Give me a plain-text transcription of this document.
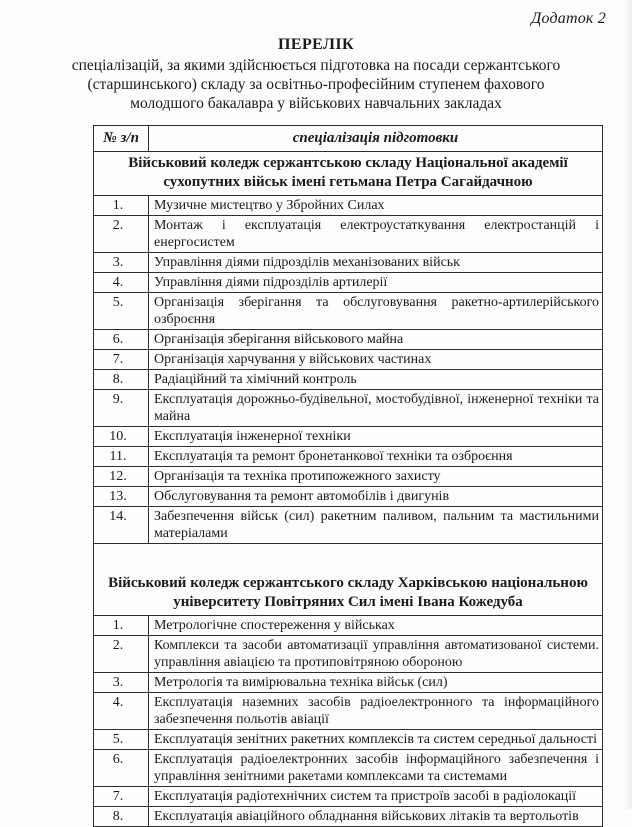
Додаток 2
ПЕРЕЛІК
спеціалізацій, за якими здійснюється підготовка на посади сержантського (старшинського) складу за освітньо-професійним ступенем фахового молодшого бакалавра у військових навчальних закладах
№ з/п	спеціалізація підготовки
Військовий коледж сержантською складу Національної академії сухопутних військ імені гетьмана Петра Сагайдачною	
1.	Музичне мистецтво у Збройних Силах
2.	Монтаж і експлуатація електроустаткування електростанцій і енергосистем
3.	Управління діями підрозділів механізованих військ
4.	Управління діями підрозділів артилерії
5.	Організація зберігання та обслуговування ракетно-артилерійського озброєння
6.	Організація зберігання військового майна
7.	Організація харчування у військових частинах
8.	Радіаційний та хімічний контроль
9.	Експлуатація дорожньо-будівельної, мостобудівної, інженерної техніки та майна
10.	Експлуатація інженерної техніки
11.	Експлуатація та ремонт бронетанкової техніки та озброєння
12.	Організація та техніка протипожежного захисту
13.	Обслуговування та ремонт автомобілів і двигунів
14.	Забезпечення військ (сил) ракетним паливом, пальним та мастильними матеріалами
Військовий коледж сержантського складу Харківською національною університету Повітряних Сил імені Івана Кожедуба	
1.	Метрологічне спостереження у військах
2.	Комплекси та засоби автоматизації управління автоматизованої системи. управління авіацією та протиповітряною обороною
3.	Метрологія та вимірювальна техніка військ (сил)
4.	Експлуатація наземних засобів радіоелектронного та інформаційного забезпечення польотів авіації
5.	Експлуатація зенітних ракетних комплексів та систем середньої дальності
6.	Експлуатація радіоелектронних засобів інформаційного забезпечення і управління зенітними ракетами комплексами та системами
7.	Експлуатація радіотехнічних систем та пристроїв засобі в радіолокації
8.	Експлуатація авіаційного обладнання військових літаків та вертольотів
